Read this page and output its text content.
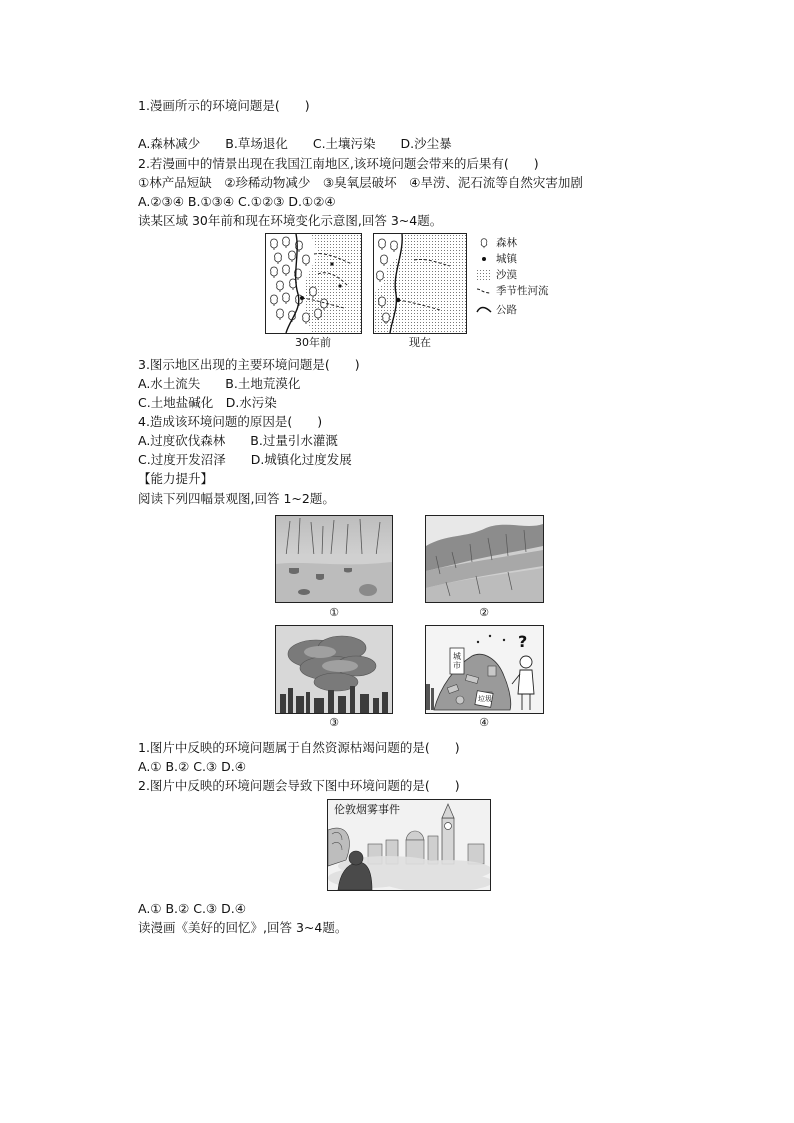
1.漫画所示的环境问题是(　　)
A.森林减少　　B.草场退化　　C.土壤污染　　D.沙尘暴
2.若漫画中的情景出现在我国江南地区,该环境问题会带来的后果有(　　)
①林产品短缺　②珍稀动物减少　③臭氧层破坏　④旱涝、泥石流等自然灾害加剧
A.②③④ B.①③④ C.①②③ D.①②④
读某区域 30年前和现在环境变化示意图,回答 3~4题。
30年前	现在
森林
城镇
沙漠
季节性河流
公路
3.图示地区出现的主要环境问题是(　　)
A.水土流失　　B.土地荒漠化
C.土地盐碱化　D.水污染
4.造成该环境问题的原因是(　　)
A.过度砍伐森林　　B.过量引水灌溉
C.过度开发沼泽　　D.城镇化过度发展
【能力提升】
阅读下列四幅景观图,回答 1~2题。
①	②
③
城市
垃圾
?
④
1.图片中反映的环境问题属于自然资源枯竭问题的是(　　)
A.① B.② C.③ D.④
2.图片中反映的环境问题会导致下图中环境问题的是(　　)
伦敦烟雾事件
A.① B.② C.③ D.④
读漫画《美好的回忆》,回答 3~4题。
